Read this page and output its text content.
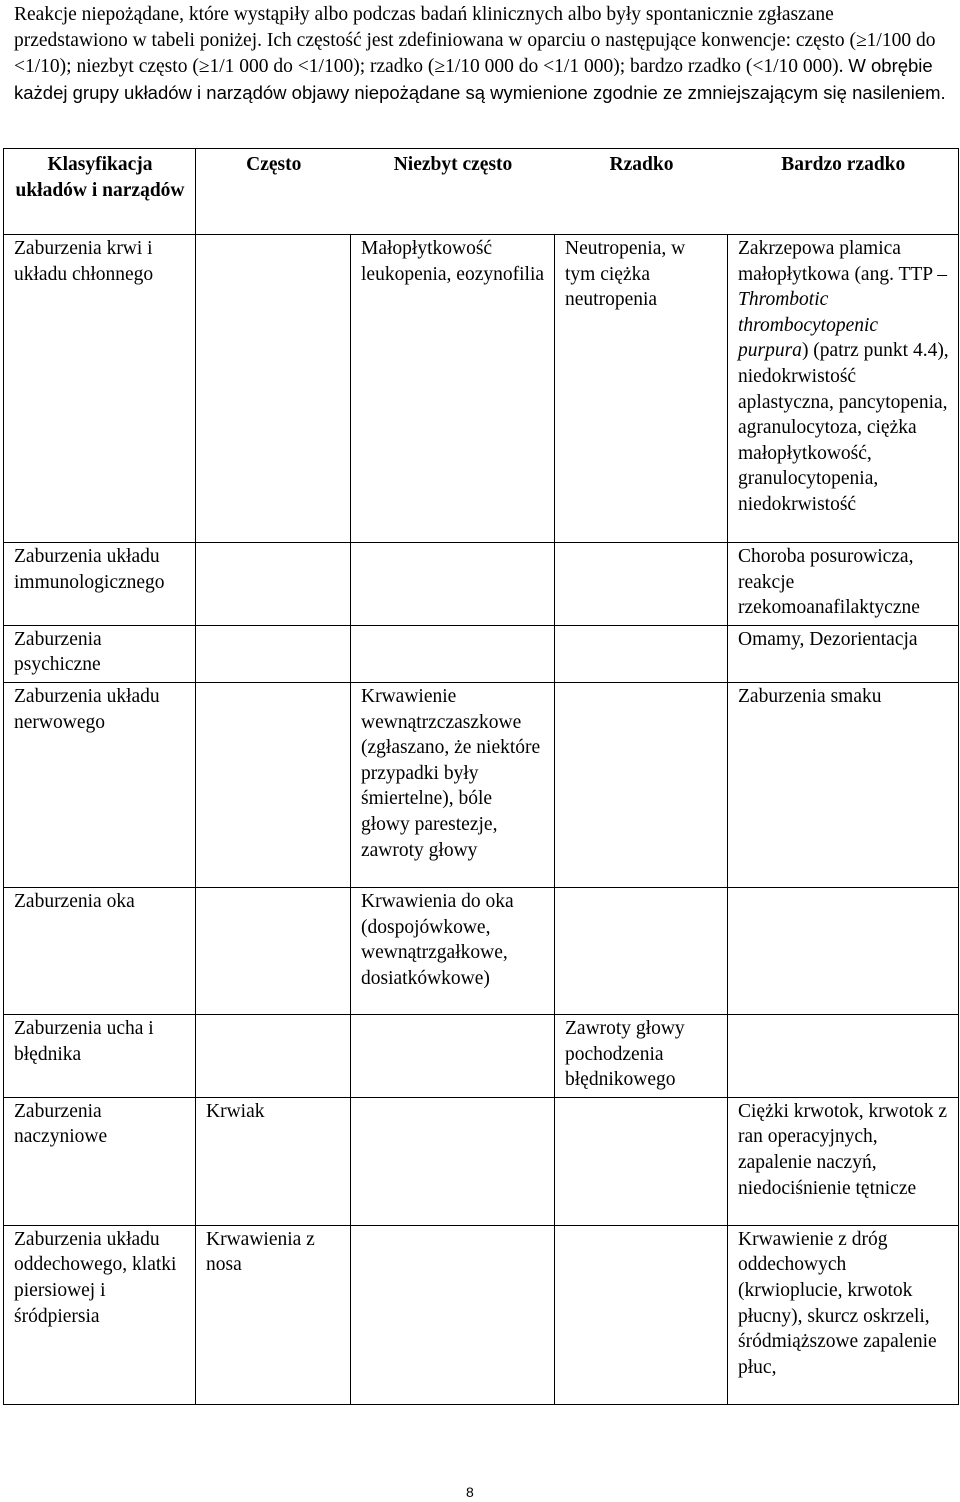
Reakcje niepożądane, które wystąpiły albo podczas badań klinicznych albo były spontanicznie zgłaszane przedstawiono w tabeli poniżej. Ich częstość jest zdefiniowana w oparciu o następujące konwencje: często (≥1/100 do <1/10); niezbyt często (≥1/1 000 do <1/100); rzadko (≥1/10 000 do <1/1 000); bardzo rzadko (<1/10 000). W obrębie każdej grupy układów i narządów objawy niepożądane są wymienione zgodnie ze zmniejszającym się nasileniem.

Klasyfikacja układów i narządów	Często	Niezbyt często	Rzadko	Bardzo rzadko
Zaburzenia krwi i układu chłonnego		Małopłytkowość leukopenia, eozynofilia	Neutropenia, w tym ciężka neutropenia	Zakrzepowa plamica małopłytkowa (ang. TTP – Thrombotic thrombocytopenic purpura) (patrz punkt 4.4), niedokrwistość aplastyczna, pancytopenia, agranulocytoza, ciężka małopłytkowość, granulocytopenia, niedokrwistość
Zaburzenia układu immunologicznego				Choroba posurowicza, reakcje rzekomoanafilaktyczne
Zaburzenia psychiczne				Omamy, Dezorientacja
Zaburzenia układu nerwowego		Krwawienie wewnątrzczaszkowe (zgłaszano, że niektóre przypadki były śmiertelne), bóle głowy parestezje, zawroty głowy		Zaburzenia smaku
Zaburzenia oka		Krwawienia do oka (dospojówkowe, wewnątrzgałkowe, dosiatkówkowe)		
Zaburzenia ucha i błędnika			Zawroty głowy pochodzenia błędnikowego	
Zaburzenia naczyniowe	Krwiak			Ciężki krwotok, krwotok z ran operacyjnych, zapalenie naczyń, niedociśnienie tętnicze
Zaburzenia układu oddechowego, klatki piersiowej i śródpiersia	Krwawienia z nosa			Krwawienie z dróg oddechowych (krwioplucie, krwotok płucny), skurcz oskrzeli, śródmiąższowe zapalenie płuc,
8
